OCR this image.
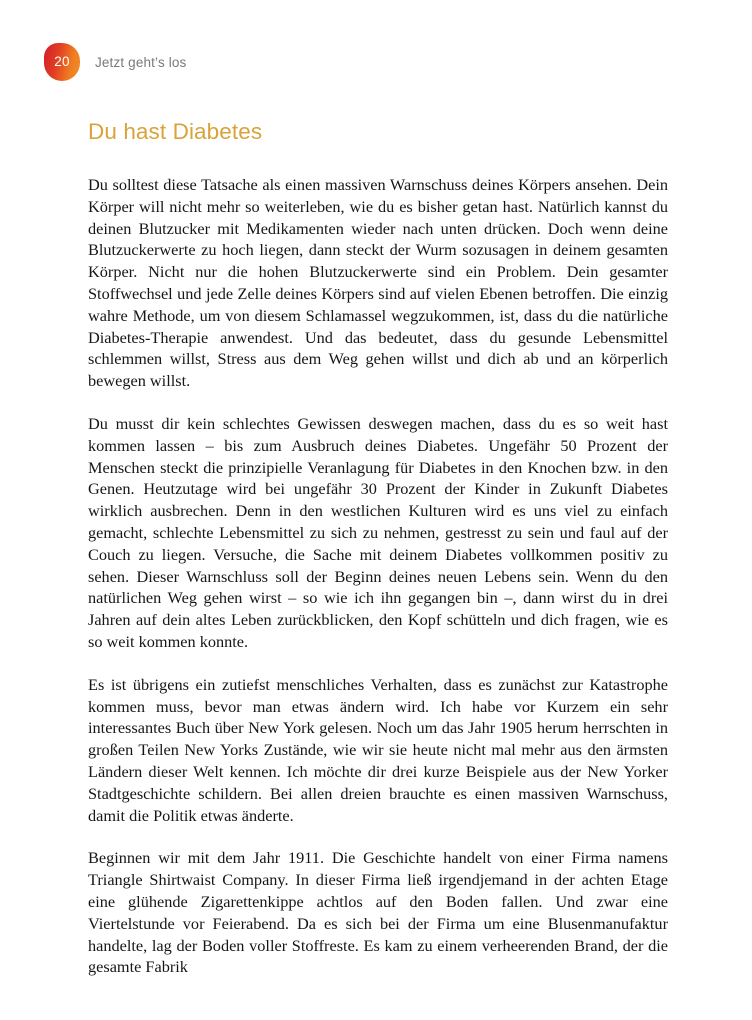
20 Jetzt geht’s los
Du hast Diabetes

Du solltest diese Tatsache als einen massiven Warnschuss deines Körpers ansehen. Dein Körper will nicht mehr so weiterleben, wie du es bisher getan hast. Natürlich kannst du deinen Blutzucker mit Medikamenten wieder nach unten drücken. Doch wenn deine Blutzuckerwerte zu hoch liegen, dann steckt der Wurm sozusagen in deinem gesamten Körper. Nicht nur die hohen Blutzuckerwerte sind ein Problem. Dein gesamter Stoffwechsel und jede Zelle deines Körpers sind auf vielen Ebenen betroffen. Die einzig wahre Methode, um von diesem Schlamassel wegzukommen, ist, dass du die natürliche Diabetes-Therapie anwendest. Und das bedeutet, dass du gesunde Lebensmittel schlemmen willst, Stress aus dem Weg gehen willst und dich ab und an körperlich bewegen willst.

Du musst dir kein schlechtes Gewissen deswegen machen, dass du es so weit hast kommen lassen – bis zum Ausbruch deines Diabetes. Ungefähr 50 Prozent der Menschen steckt die prinzipielle Veranlagung für Diabetes in den Knochen bzw. in den Genen. Heutzutage wird bei ungefähr 30 Prozent der Kinder in Zukunft Diabetes wirklich ausbrechen. Denn in den westlichen Kulturen wird es uns viel zu einfach gemacht, schlechte Lebensmittel zu sich zu nehmen, gestresst zu sein und faul auf der Couch zu liegen. Versuche, die Sache mit deinem Diabetes vollkommen positiv zu sehen. Dieser Warnschluss soll der Beginn deines neuen Lebens sein. Wenn du den natürlichen Weg gehen wirst – so wie ich ihn gegangen bin –, dann wirst du in drei Jahren auf dein altes Leben zurückblicken, den Kopf schütteln und dich fragen, wie es so weit kommen konnte.

Es ist übrigens ein zutiefst menschliches Verhalten, dass es zunächst zur Katastrophe kommen muss, bevor man etwas ändern wird. Ich habe vor Kurzem ein sehr interessantes Buch über New York gelesen. Noch um das Jahr 1905 herum herrschten in großen Teilen New Yorks Zustände, wie wir sie heute nicht mal mehr aus den ärmsten Ländern dieser Welt kennen. Ich möchte dir drei kurze Beispiele aus der New Yorker Stadtgeschichte schildern. Bei allen dreien brauchte es einen massiven Warnschuss, damit die Politik etwas änderte.

Beginnen wir mit dem Jahr 1911. Die Geschichte handelt von einer Firma namens Triangle Shirtwaist Company. In dieser Firma ließ irgendjemand in der achten Etage eine glühende Zigarettenkippe achtlos auf den Boden fallen. Und zwar eine Viertelstunde vor Feierabend. Da es sich bei der Firma um eine Blusenmanufaktur handelte, lag der Boden voller Stoffreste. Es kam zu einem verheerenden Brand, der die gesamte Fabrik
